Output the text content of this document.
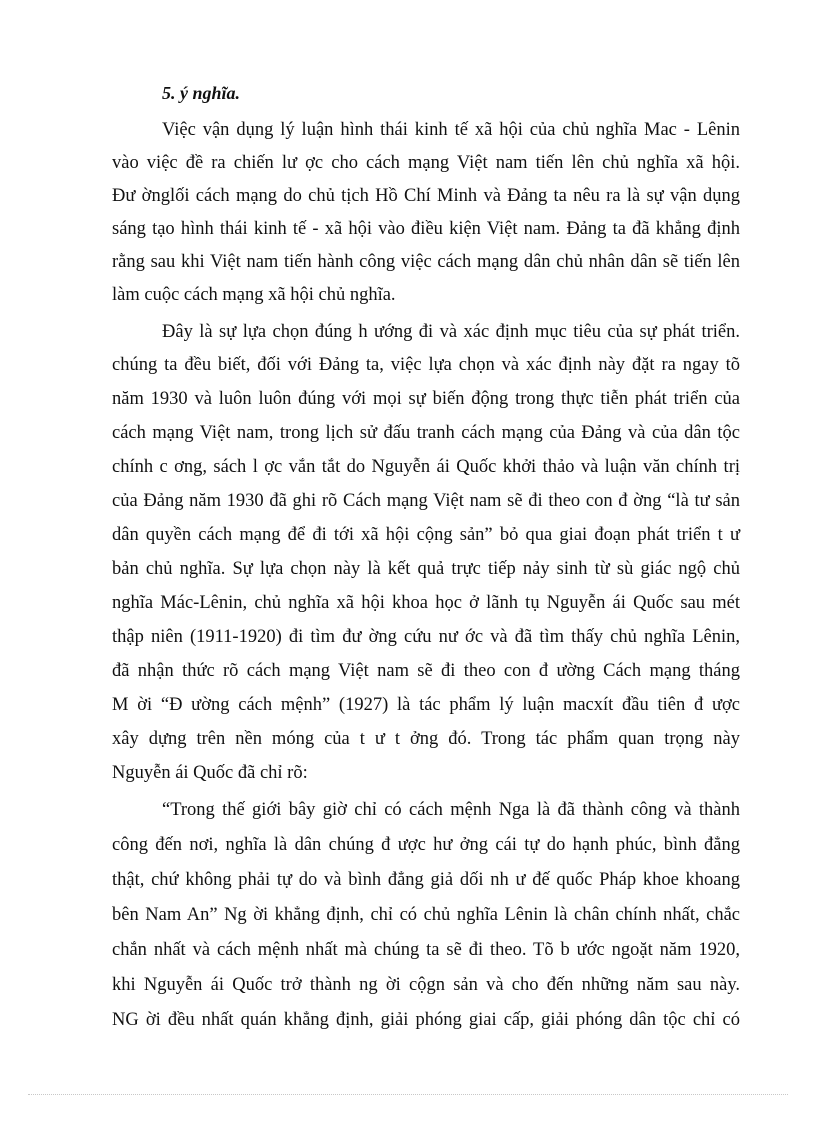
5. ý nghĩa.
Việc vận dụng lý luận hình thái kinh tế xã hội của chủ nghĩa Mac - Lênin
vào việc đề ra chiến lư ợc cho cách mạng Việt nam tiến lên chủ nghĩa xã hội.
Đư ờnglối cách mạng do chủ tịch Hồ Chí Minh và Đảng ta nêu ra là sự vận dụng
sáng tạo hình thái kinh tế - xã hội vào điều kiện Việt nam. Đảng ta đã khẳng định
rằng sau khi Việt nam tiến hành công việc cách mạng dân chủ nhân dân sẽ tiến lên
làm cuộc cách mạng xã hội chủ nghĩa.
Đây là sự lựa chọn đúng h ướng đi và xác định mục tiêu của sự phát triển.
chúng ta đều biết, đối với Đảng ta, việc lựa chọn và xác định này đặt ra ngay tõ
năm 1930 và luôn luôn đúng với mọi sự biến động trong thực tiễn phát triển của
cách mạng Việt nam, trong lịch sử đấu tranh cách mạng của Đảng và của dân tộc
chính c ơng, sách l ợc vắn tắt do Nguyễn ái Quốc khởi thảo và luận văn chính trị
của Đảng năm 1930 đã ghi rõ Cách mạng Việt nam sẽ đi theo con đ ờng “là tư sản
dân quyền cách mạng để đi tới xã hội cộng sản” bỏ qua giai đoạn phát triển t ư
bản chủ nghĩa. Sự lựa chọn này là kết quả trực tiếp nảy sinh từ sù giác ngộ chủ
nghĩa Mác-Lênin, chủ nghĩa xã hội khoa học ở lãnh tụ Nguyễn ái Quốc sau mét
thập niên (1911-1920) đi tìm đư ờng cứu nư ớc và đã tìm thấy chủ nghĩa Lênin,
đã nhận thức rõ cách mạng Việt nam sẽ đi theo con đ ường Cách mạng tháng
M ời “Đ ường cách mệnh” (1927) là tác phẩm lý luận macxít đầu tiên đ ược
xây dựng trên nền móng của t ư t ởng đó. Trong tác phẩm quan trọng này
Nguyễn ái Quốc đã chỉ rõ:
“Trong thế giới bây giờ chỉ có cách mệnh Nga là đã thành công và thành
công đến nơi, nghĩa là dân chúng đ ược hư ởng cái tự do hạnh phúc, bình đẳng
thật, chứ không phải tự do và bình đẳng giả dối nh ư đế quốc Pháp khoe khoang
bên Nam An” Ng ời khẳng định, chỉ có chủ nghĩa Lênin là chân chính nhất, chắc
chắn nhất và cách mệnh nhất mà chúng ta sẽ đi theo. Tõ b ước ngoặt năm 1920,
khi Nguyễn ái Quốc trở thành ng ời cộgn sản và cho đến những năm sau này.
NG ời đều nhất quán khẳng định, giải phóng giai cấp, giải phóng dân tộc chỉ có
